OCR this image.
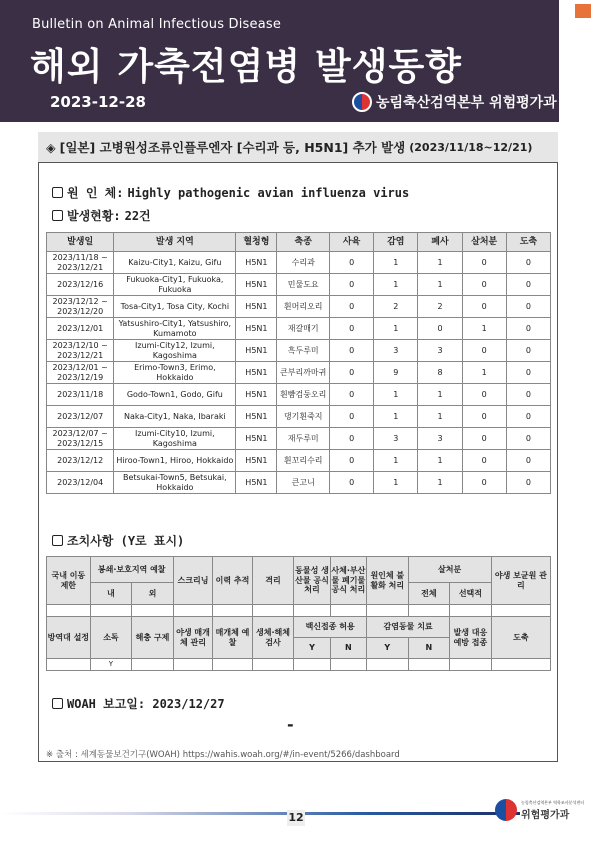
Bulletin on Animal Infectious Disease
해외 가축전염병 발생동향
2023-12-28	농림축산검역본부 위험평가과
◈ [일본] 고병원성조류인플루엔자 [수리과 등, H5N1] 추가 발생 (2023/11/18~12/21)
원 인 체: Highly pathogenic avian influenza virus
발생현황: 22건
발생일	발생 지역	혈청형	축종	사육	감염	폐사	살처분	도축
2023/11/18 ~ 2023/12/21	Kaizu-City1, Kaizu, Gifu	H5N1	수리과	0	1	1	0	0
2023/12/16	Fukuoka-City1, Fukuoka, Fukuoka	H5N1	민물도요	0	1	1	0	0
2023/12/12 ~ 2023/12/20	Tosa-City1, Tosa City, Kochi	H5N1	흰머리오리	0	2	2	0	0
2023/12/01	Yatsushiro-City1, Yatsushiro, Kumamoto	H5N1	재갈매기	0	1	0	1	0
2023/12/10 ~ 2023/12/21	Izumi-City12, Izumi, Kagoshima	H5N1	흑두루미	0	3	3	0	0
2023/12/01 ~ 2023/12/19	Erimo-Town3, Erimo, Hokkaido	H5N1	큰부리까마귀	0	9	8	1	0
2023/11/18	Godo-Town1, Godo, Gifu	H5N1	흰뺨검둥오리	0	1	1	0	0
2023/12/07	Naka-City1, Naka, Ibaraki	H5N1	댕기흰죽지	0	1	1	0	0
2023/12/07 ~ 2023/12/15	Izumi-City10, Izumi, Kagoshima	H5N1	재두루미	0	3	3	0	0
2023/12/12	Hiroo-Town1, Hiroo, Hokkaido	H5N1	흰꼬리수리	0	1	1	0	0
2023/12/04	Betsukai-Town5, Betsukai, Hokkaido	H5N1	큰고니	0	1	1	0	0
조치사항 (Y로 표시)
국내 이동 제한	봉쇄·보호지역 예찰		스크리닝	이력 추적	격리	동물성 생산물 공식 처리	사체·부산물 폐기물 공식 처리	원인체 불활화 처리	살처분		야생 보균원 관리
	내	외							전체	선택적	

방역대 설정	소독	해충 구제	야생 매개체 관리	매개체 예찰	생체·해체 검사	백신접종 허용		감염동물 치료		발생 대응 예방 접종	도축
						Y	N	Y	N		
	Y										
WOAH 보고일: 2023/12/27
-
※ 출처 : 세계동물보건기구(WOAH) https://wahis.woah.org/#/in-event/5266/dashboard
12
농림축산검역본부 역학조사분석센터
위험평가과
